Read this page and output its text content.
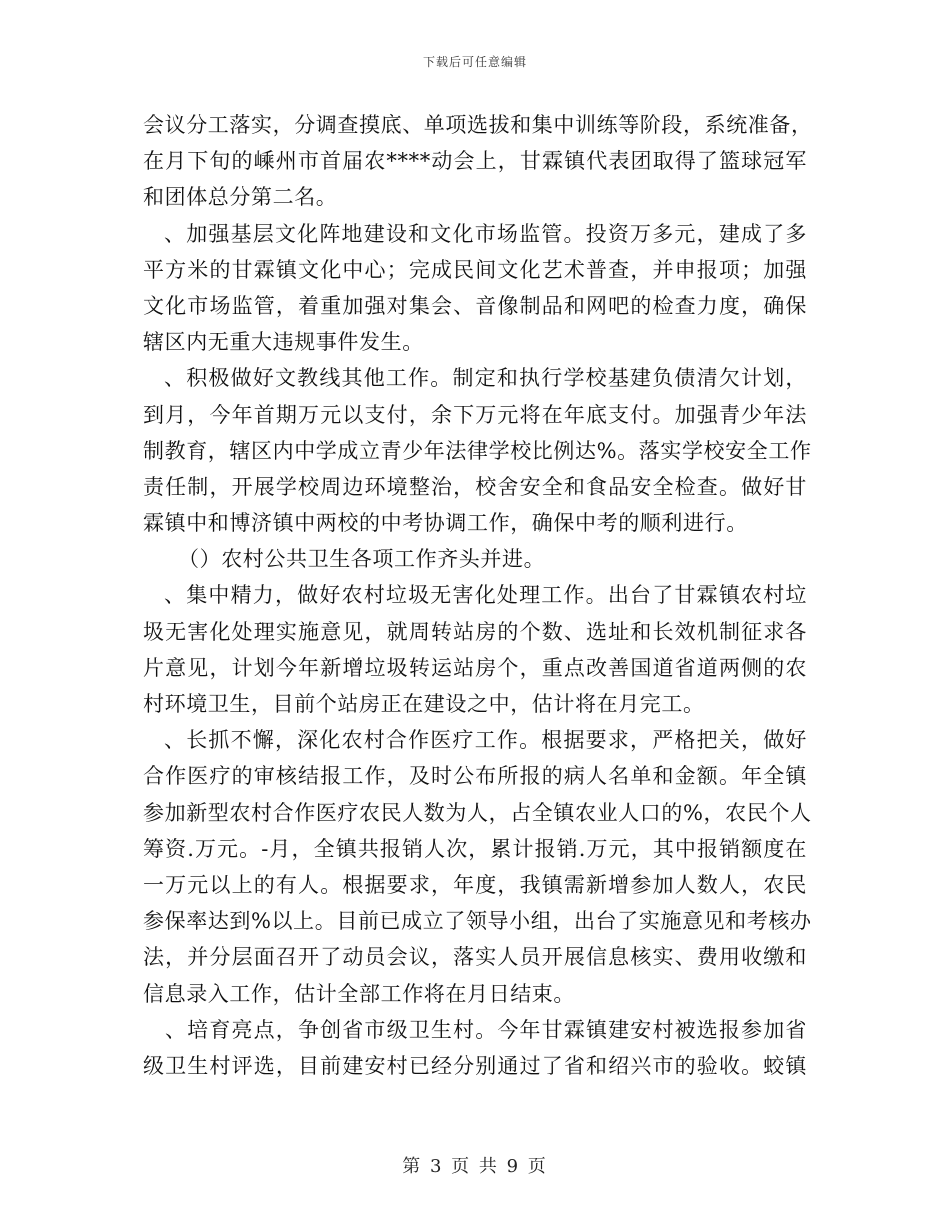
下载后可任意编辑
会议分工落实，分调查摸底、单项选拔和集中训练等阶段，系统准备，
在月下旬的嵊州市首届农****动会上，甘霖镇代表团取得了篮球冠军
和团体总分第二名。
、加强基层文化阵地建设和文化市场监管。投资万多元，建成了多
平方米的甘霖镇文化中心；完成民间文化艺术普查，并申报项；加强
文化市场监管，着重加强对集会、音像制品和网吧的检查力度，确保
辖区内无重大违规事件发生。
、积极做好文教线其他工作。制定和执行学校基建负债清欠计划，
到月，今年首期万元以支付，余下万元将在年底支付。加强青少年法
制教育，辖区内中学成立青少年法律学校比例达%。落实学校安全工作
责任制，开展学校周边环境整治，校舍安全和食品安全检查。做好甘
霖镇中和博济镇中两校的中考协调工作，确保中考的顺利进行。
（）农村公共卫生各项工作齐头并进。
、集中精力，做好农村垃圾无害化处理工作。出台了甘霖镇农村垃
圾无害化处理实施意见，就周转站房的个数、选址和长效机制征求各
片意见，计划今年新增垃圾转运站房个，重点改善国道省道两侧的农
村环境卫生，目前个站房正在建设之中，估计将在月完工。
、长抓不懈，深化农村合作医疗工作。根据要求，严格把关，做好
合作医疗的审核结报工作，及时公布所报的病人名单和金额。年全镇
参加新型农村合作医疗农民人数为人，占全镇农业人口的%，农民个人
筹资.万元。-月，全镇共报销人次，累计报销.万元，其中报销额度在
一万元以上的有人。根据要求，年度，我镇需新增参加人数人，农民
参保率达到%以上。目前已成立了领导小组，出台了实施意见和考核办
法，并分层面召开了动员会议，落实人员开展信息核实、费用收缴和
信息录入工作，估计全部工作将在月日结束。
、培育亮点，争创省市级卫生村。今年甘霖镇建安村被选报参加省
级卫生村评选，目前建安村已经分别通过了省和绍兴市的验收。蛟镇
第 3 页 共 9 页
